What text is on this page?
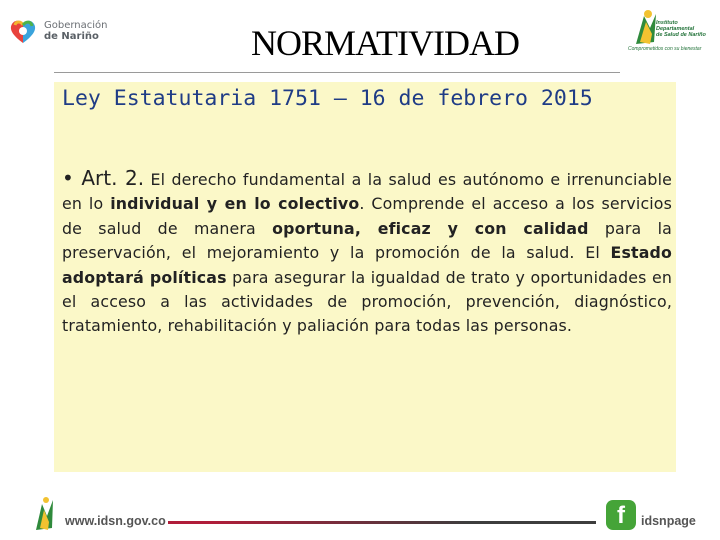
Gobernación
de Nariño	NORMATIVIDAD	Instituto
Departamental
de Salud de Nariño
Comprometidos con su bienestar
Ley Estatutaria 1751 – 16 de febrero 2015
• Art. 2. El derecho fundamental a la salud es autónomo e irrenunciable en lo individual y en lo colectivo. Comprende el acceso a los servicios de salud de manera oportuna, eficaz y con calidad para la preservación, el mejoramiento y la promoción de la salud. El Estado adoptará políticas para asegurar la igualdad de trato y oportunidades en el acceso a las actividades de promoción, prevención, diagnóstico, tratamiento, rehabilitación y paliación para todas las personas.
www.idsn.gov.co	f	idsnpage
